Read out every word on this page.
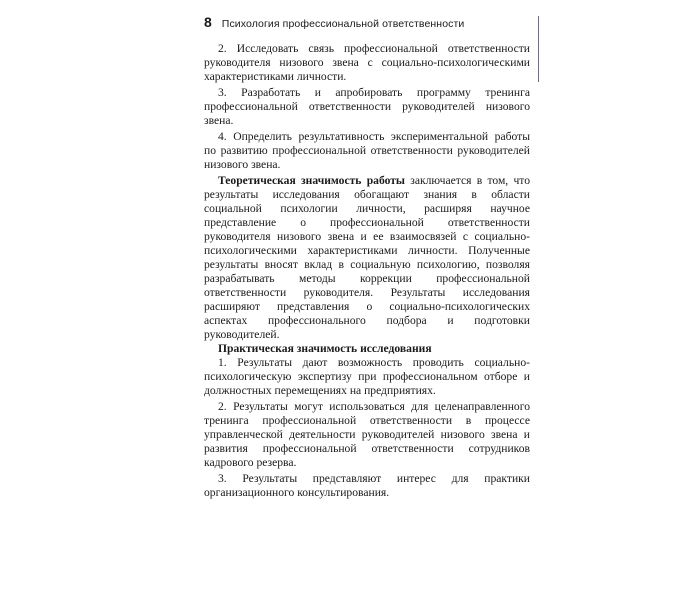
8 Психология профессиональной ответственности

2. Исследовать связь профессиональной ответственности руководителя низового звена с социально-психологическими характеристиками личности.

3. Разработать и апробировать программу тренинга профессиональной ответственности руководителей низового звена.

4. Определить результативность экспериментальной работы по развитию профессиональной ответственности руководителей низового звена.

Теоретическая значимость работы заключается в том, что результаты исследования обогащают знания в области социальной психологии личности, расширяя научное представление о профессиональной ответственности руководителя низового звена и ее взаимосвязей с социально-психологическими характеристиками личности. Полученные результаты вносят вклад в социальную психологию, позволяя разрабатывать методы коррекции профессиональной ответственности руководителя. Результаты исследования расширяют представления о социально-психологических аспектах профессионального подбора и подготовки руководителей.

Практическая значимость исследования

1. Результаты дают возможность проводить социально-психологическую экспертизу при профессиональном отборе и должностных перемещениях на предприятиях.

2. Результаты могут использоваться для целенаправленного тренинга профессиональной ответственности в процессе управленческой деятельности руководителей низового звена и развития профессиональной ответственности сотрудников кадрового резерва.

3. Результаты представляют интерес для практики организационного консультирования.
